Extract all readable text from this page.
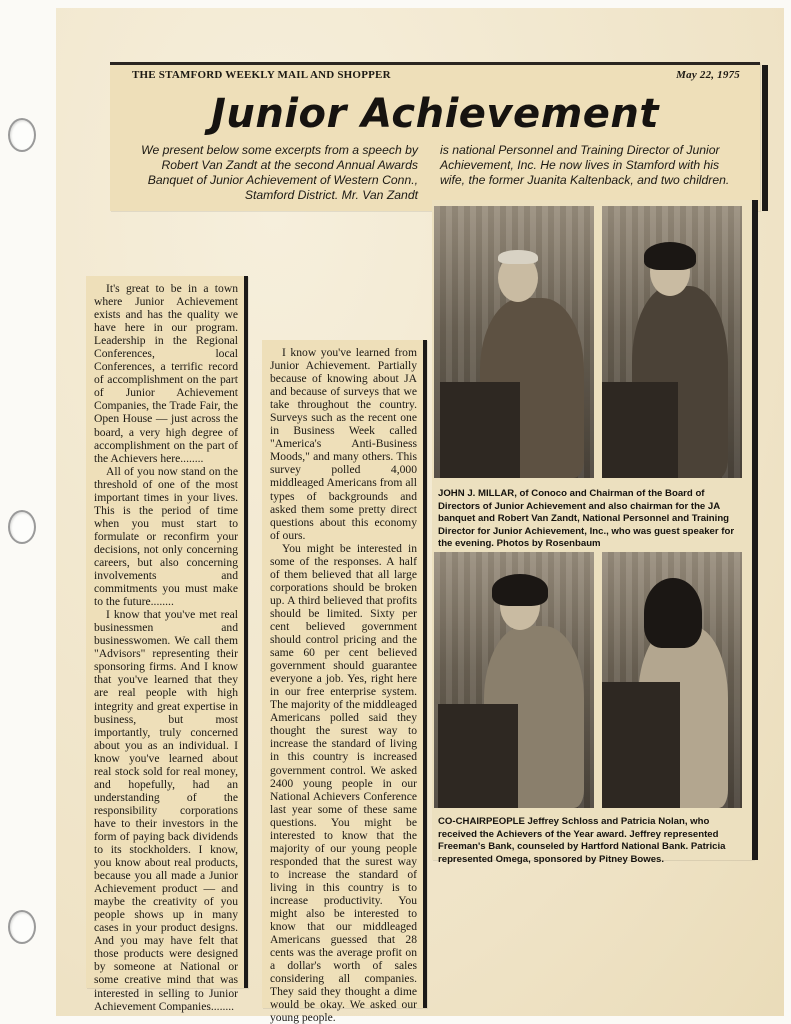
THE STAMFORD WEEKLY MAIL AND SHOPPER	May 22, 1975
Junior Achievement
We present below some excerpts from a speech by Robert Van Zandt at the second Annual Awards Banquet of Junior Achievement of Western Conn., Stamford District. Mr. Van Zandt
is national Personnel and Training Director of Junior Achievement, Inc. He now lives in Stamford with his wife, the former Juanita Kaltenback, and two children.
JOHN J. MILLAR, of Conoco and Chairman of the Board of Directors of Junior Achievement and also chairman for the JA banquet and Robert Van Zandt, National Personnel and Training Director for Junior Achievement, Inc., who was guest speaker for the evening. Photos by Rosenbaum
CO-CHAIRPEOPLE Jeffrey Schloss and Patricia Nolan, who received the Achievers of the Year award. Jeffrey represented Freeman's Bank, counseled by Hartford National Bank. Patricia represented Omega, sponsored by Pitney Bowes.

It's great to be in a town where Junior Achievement exists and has the quality we have here in our program. Leadership in the Regional Conferences, local Conferences, a terrific record of accomplishment on the part of Junior Achievement Companies, the Trade Fair, the Open House — just across the board, a very high degree of accomplishment on the part of the Achievers here........

All of you now stand on the threshold of one of the most important times in your lives. This is the period of time when you must start to formulate or reconfirm your decisions, not only concerning careers, but also concerning involvements and commitments you must make to the future........

I know that you've met real businessmen and businesswomen. We call them "Advisors" representing their sponsoring firms. And I know that you've learned that they are real people with high integrity and great expertise in business, but most importantly, truly concerned about you as an individual. I know you've learned about real stock sold for real money, and hopefully, had an understanding of the responsibility corporations have to their investors in the form of paying back dividends to its stockholders. I know, you know about real products, because you all made a Junior Achievement product — and maybe the creativity of you people shows up in many cases in your product designs. And you may have felt that those products were designed by someone at National or some creative mind that was interested in selling to Junior Achievement Companies........

I know you've learned from Junior Achievement. Partially because of knowing about JA and because of surveys that we take throughout the country. Surveys such as the recent one in Business Week called "America's Anti-Business Moods," and many others. This survey polled 4,000 middleaged Americans from all types of backgrounds and asked them some pretty direct questions about this economy of ours.

You might be interested in some of the responses. A half of them believed that all large corporations should be broken up. A third believed that profits should be limited. Sixty per cent believed government should control pricing and the same 60 per cent believed government should guarantee everyone a job. Yes, right here in our free enterprise system. The majority of the middleaged Americans polled said they thought the surest way to increase the standard of living in this country is increased government control. We asked 2400 young people in our National Achievers Conference last year some of these same questions. You might be interested to know that the majority of our young people responded that the surest way to increase the standard of living in this country is to increase productivity. You might also be interested to know that our middleaged Americans guessed that 28 cents was the average profit on a dollar's worth of sales considering all companies. They said they thought a dime would be okay. We asked our young people.
